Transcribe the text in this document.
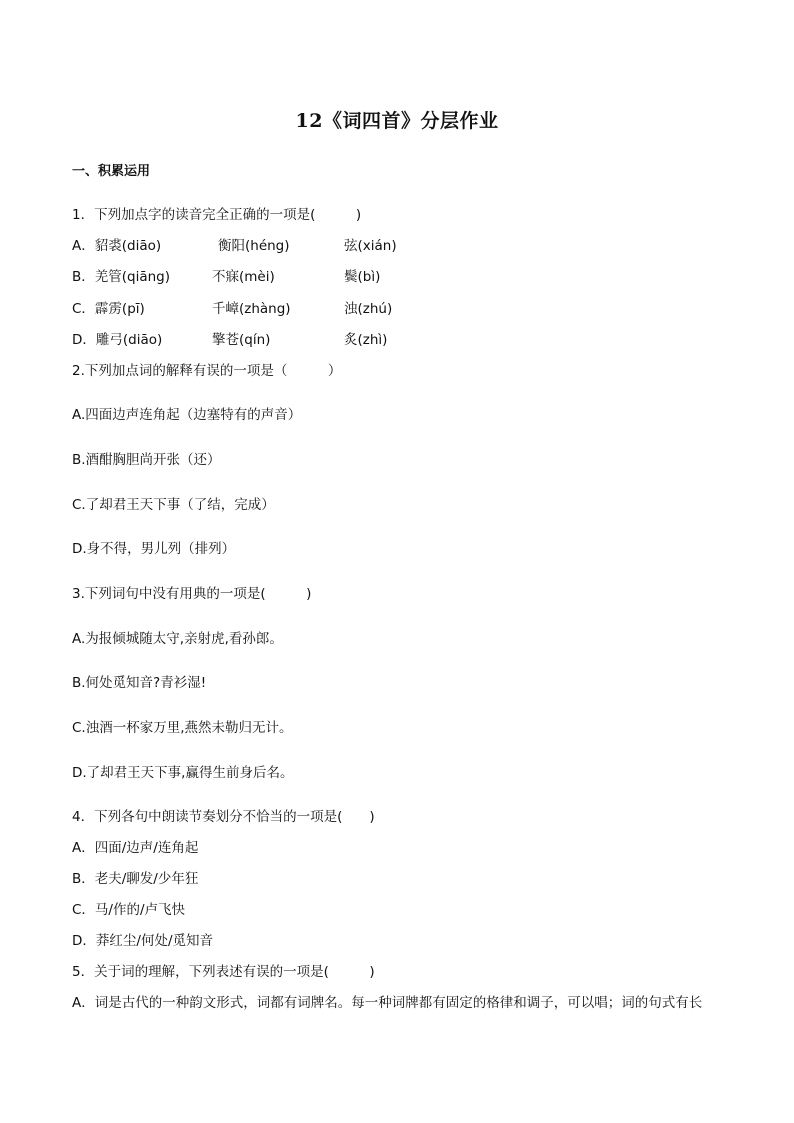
12《词四首》分层作业
一、积累运用
1．下列加点字的读音完全正确的一项是(　　　)
A．貂裘(diāo)	衡阳(héng)	弦(xián)
B．羌管(qiāng)	不寐(mèi)	鬓(bì)
C．霹雳(pī)	千嶂(zhàng)	浊(zhú)
D．雕弓(diāo)	擎苍(qín)	炙(zhì)
2.下列加点词的解释有误的一项是（　　　）
A.四面边声连角起（边塞特有的声音）
B.酒酣胸胆尚开张（还）
C.了却君王天下事（了结，完成）
D.身不得，男儿列（排列）
3.下列词句中没有用典的一项是(　　　)
A.为报倾城随太守,亲射虎,看孙郎。
B.何处觅知音?青衫湿!
C.浊酒一杯家万里,燕然未勒归无计。
D.了却君王天下事,赢得生前身后名。
4．下列各句中朗读节奏划分不恰当的一项是(　　)
A．四面/边声/连角起
B．老夫/聊发/少年狂
C．马/作的/卢飞快
D．莽红尘/何处/觅知音
5．关于词的理解，下列表述有误的一项是(　　　)
A．词是古代的一种韵文形式，词都有词牌名。每一种词牌都有固定的格律和调子，可以唱；词的句式有长
